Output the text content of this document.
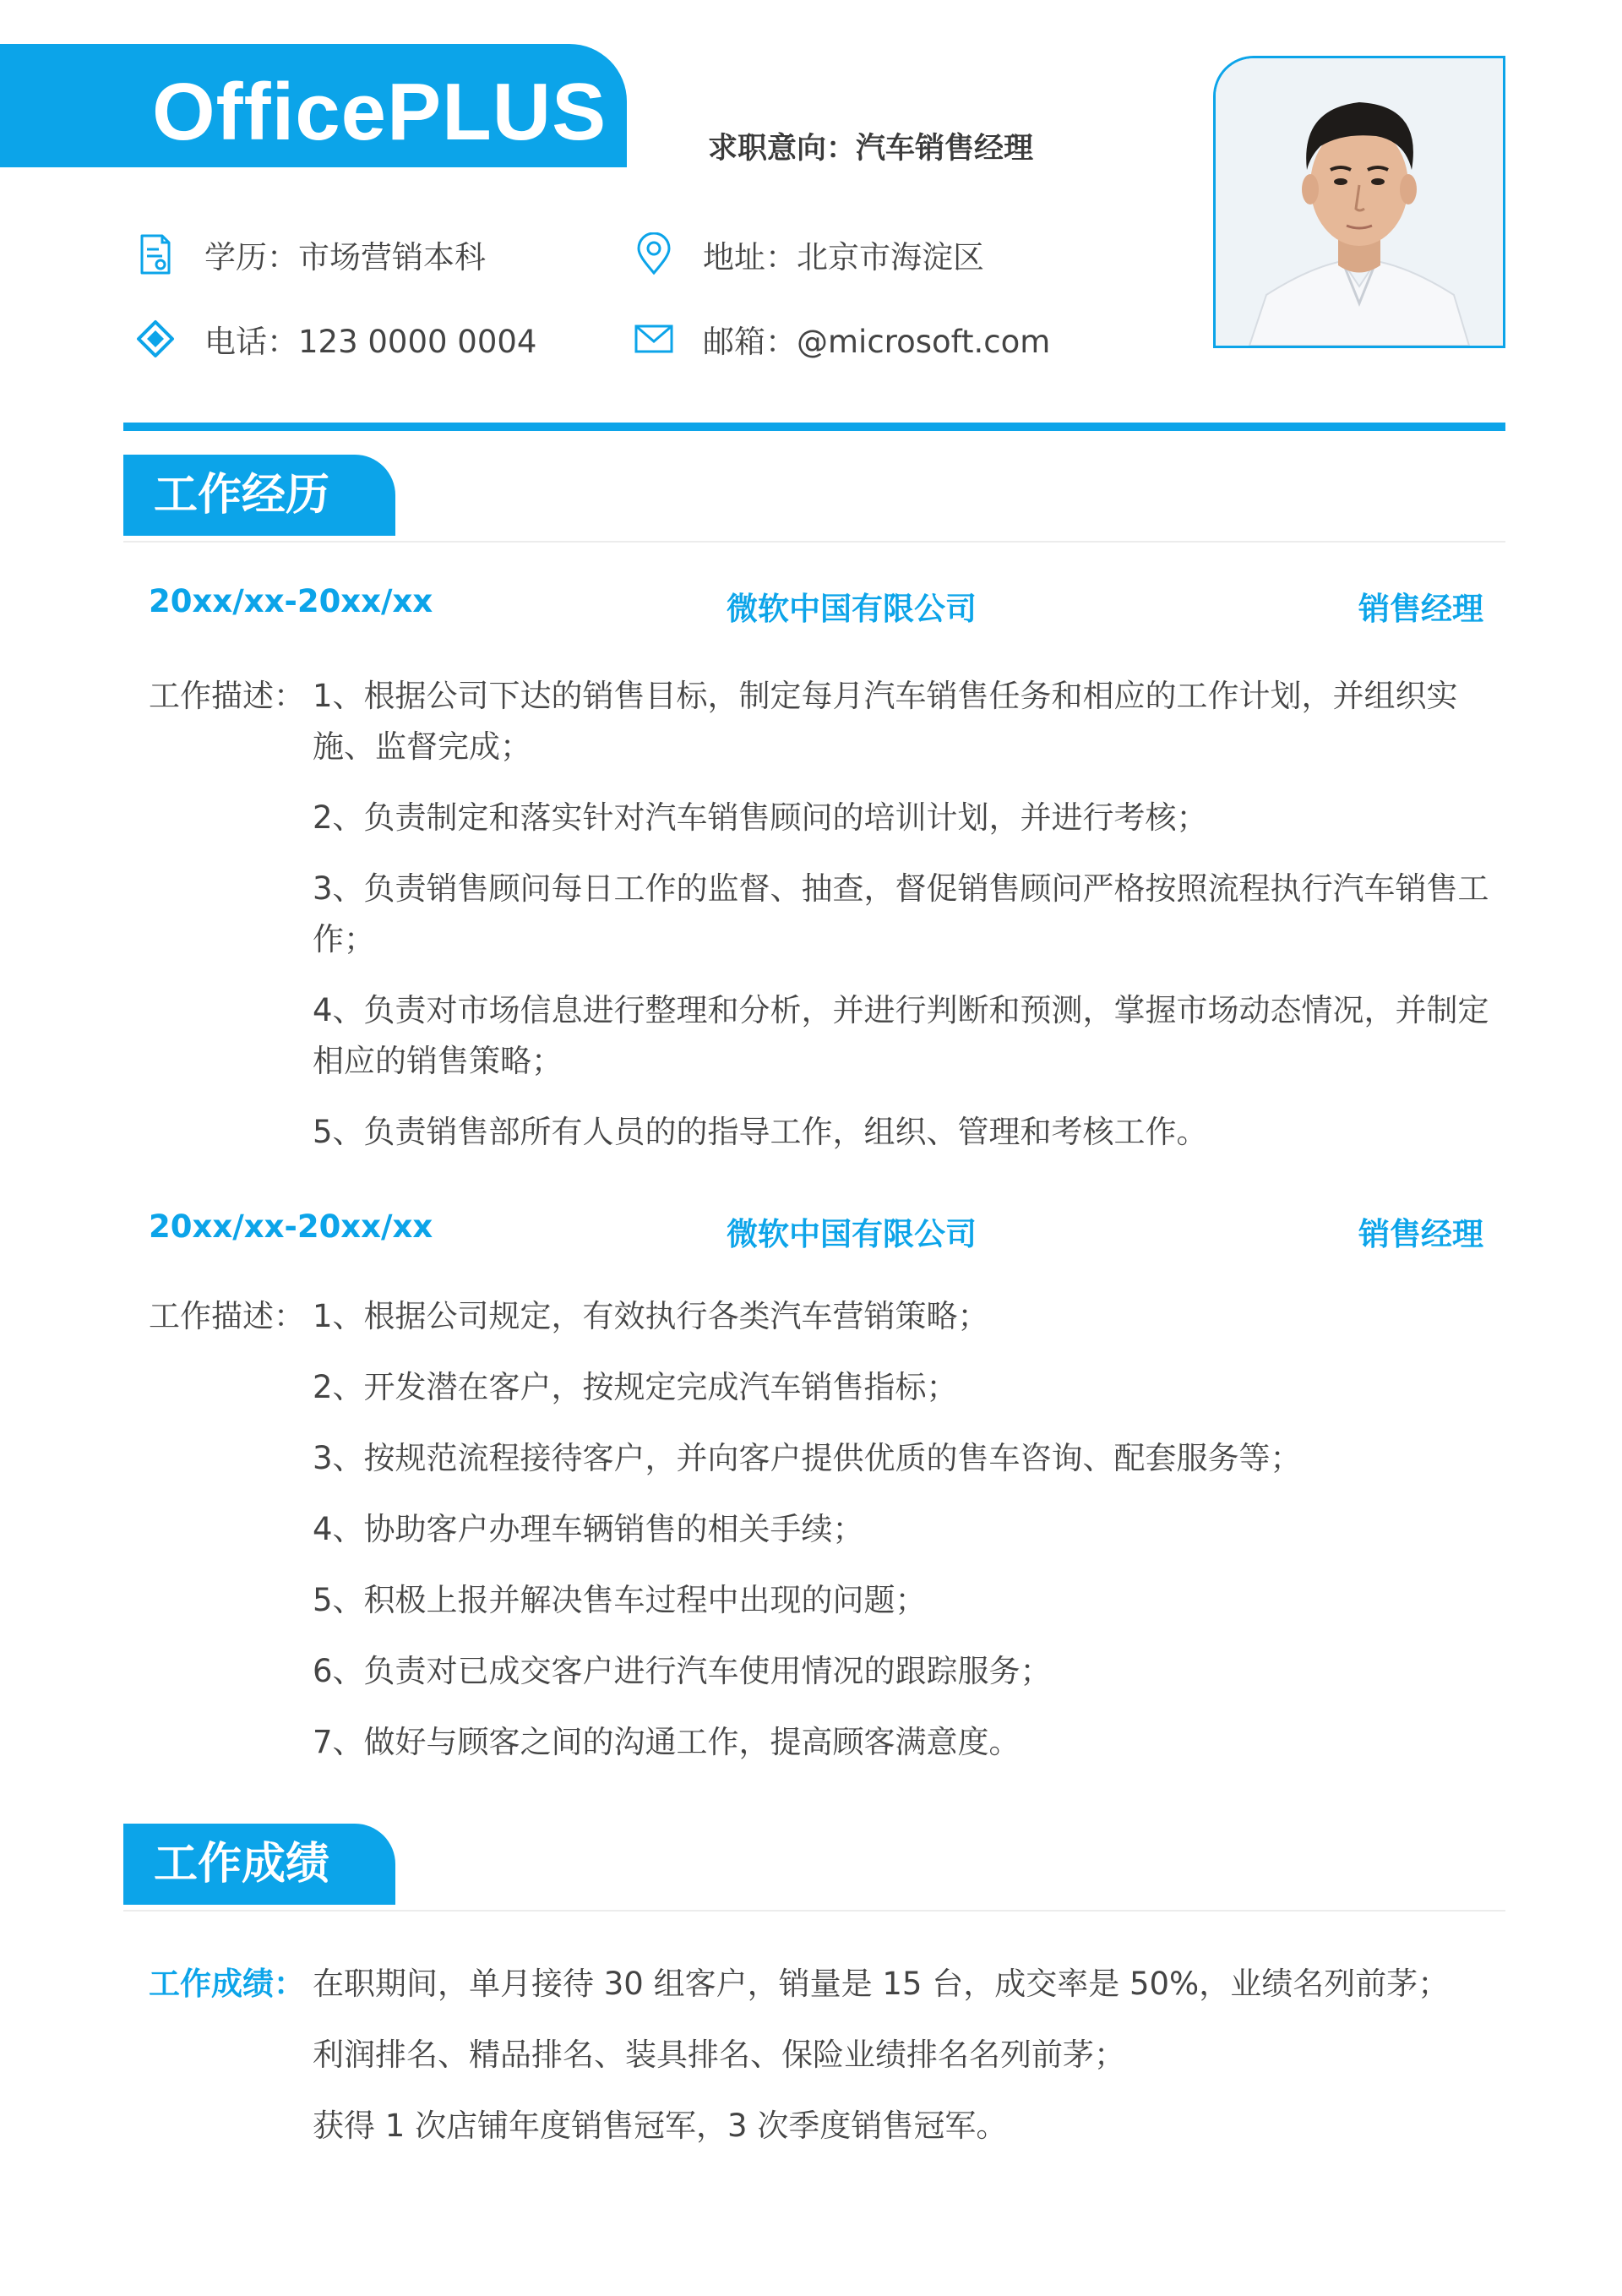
OfficePLUS	求职意向：汽车销售经理
学历：市场营销本科	地址：北京市海淀区
电话：123 0000 0004	邮箱：@microsoft.com
工作经历
20xx/xx-20xx/xx	微软中国有限公司	销售经理
工作描述： 1、根据公司下达的销售目标，制定每月汽车销售任务和相应的工作计划，并组织实施、监督完成；
2、负责制定和落实针对汽车销售顾问的培训计划，并进行考核；
3、负责销售顾问每日工作的监督、抽查，督促销售顾问严格按照流程执行汽车销售工作；
4、负责对市场信息进行整理和分析，并进行判断和预测，掌握市场动态情况，并制定相应的销售策略；
5、负责销售部所有人员的的指导工作，组织、管理和考核工作。
20xx/xx-20xx/xx	微软中国有限公司	销售经理
工作描述： 1、根据公司规定，有效执行各类汽车营销策略；
2、开发潜在客户，按规定完成汽车销售指标；
3、按规范流程接待客户，并向客户提供优质的售车咨询、配套服务等；
4、协助客户办理车辆销售的相关手续；
5、积极上报并解决售车过程中出现的问题；
6、负责对已成交客户进行汽车使用情况的跟踪服务；
7、做好与顾客之间的沟通工作，提高顾客满意度。
工作成绩
工作成绩： 在职期间，单月接待 30 组客户，销量是 15 台，成交率是 50%，业绩名列前茅；
利润排名、精品排名、装具排名、保险业绩排名名列前茅；
获得 1 次店铺年度销售冠军，3 次季度销售冠军。
